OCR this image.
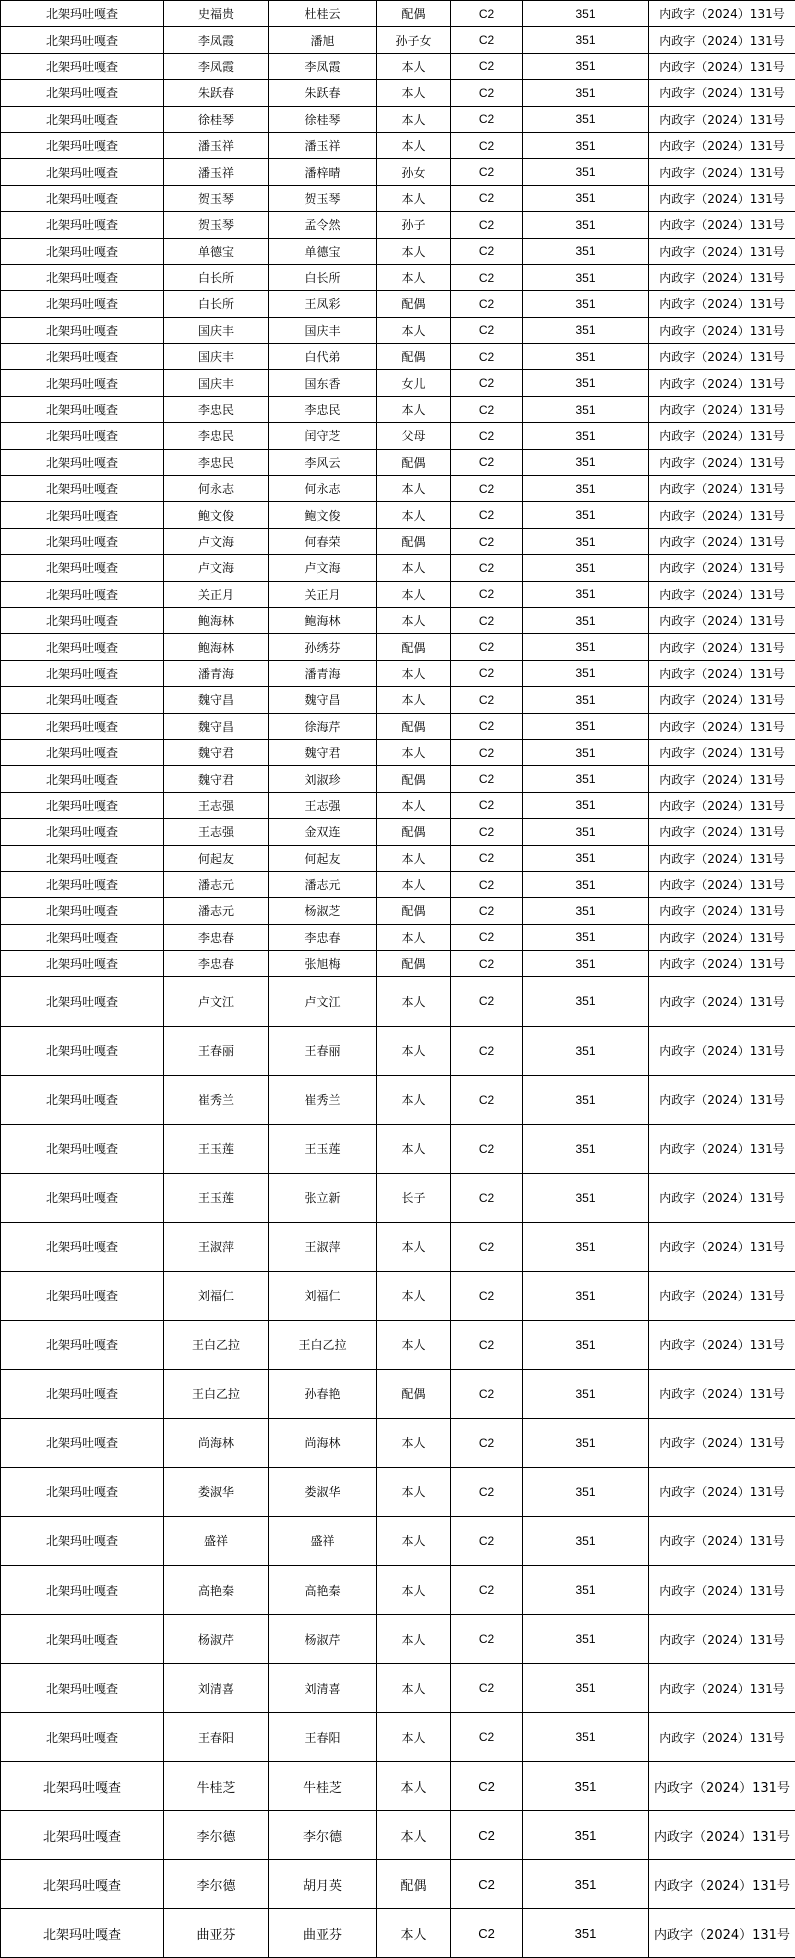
北架玛吐嘎查	史福贵	杜桂云	配偶	C2	351	内政字（2024）131号
北架玛吐嘎查	李凤霞	潘旭	孙子女	C2	351	内政字（2024）131号
北架玛吐嘎查	李凤霞	李凤霞	本人	C2	351	内政字（2024）131号
北架玛吐嘎查	朱跃春	朱跃春	本人	C2	351	内政字（2024）131号
北架玛吐嘎查	徐桂琴	徐桂琴	本人	C2	351	内政字（2024）131号
北架玛吐嘎查	潘玉祥	潘玉祥	本人	C2	351	内政字（2024）131号
北架玛吐嘎查	潘玉祥	潘梓晴	孙女	C2	351	内政字（2024）131号
北架玛吐嘎查	贺玉琴	贺玉琴	本人	C2	351	内政字（2024）131号
北架玛吐嘎查	贺玉琴	孟令然	孙子	C2	351	内政字（2024）131号
北架玛吐嘎查	单德宝	单德宝	本人	C2	351	内政字（2024）131号
北架玛吐嘎查	白长所	白长所	本人	C2	351	内政字（2024）131号
北架玛吐嘎查	白长所	王凤彩	配偶	C2	351	内政字（2024）131号
北架玛吐嘎查	国庆丰	国庆丰	本人	C2	351	内政字（2024）131号
北架玛吐嘎查	国庆丰	白代弟	配偶	C2	351	内政字（2024）131号
北架玛吐嘎查	国庆丰	国东香	女儿	C2	351	内政字（2024）131号
北架玛吐嘎查	李忠民	李忠民	本人	C2	351	内政字（2024）131号
北架玛吐嘎查	李忠民	闰守芝	父母	C2	351	内政字（2024）131号
北架玛吐嘎查	李忠民	李风云	配偶	C2	351	内政字（2024）131号
北架玛吐嘎查	何永志	何永志	本人	C2	351	内政字（2024）131号
北架玛吐嘎查	鲍文俊	鲍文俊	本人	C2	351	内政字（2024）131号
北架玛吐嘎查	卢文海	何春荣	配偶	C2	351	内政字（2024）131号
北架玛吐嘎查	卢文海	卢文海	本人	C2	351	内政字（2024）131号
北架玛吐嘎查	关正月	关正月	本人	C2	351	内政字（2024）131号
北架玛吐嘎查	鲍海林	鲍海林	本人	C2	351	内政字（2024）131号
北架玛吐嘎查	鲍海林	孙绣芬	配偶	C2	351	内政字（2024）131号
北架玛吐嘎查	潘青海	潘青海	本人	C2	351	内政字（2024）131号
北架玛吐嘎查	魏守昌	魏守昌	本人	C2	351	内政字（2024）131号
北架玛吐嘎查	魏守昌	徐海芹	配偶	C2	351	内政字（2024）131号
北架玛吐嘎查	魏守君	魏守君	本人	C2	351	内政字（2024）131号
北架玛吐嘎查	魏守君	刘淑珍	配偶	C2	351	内政字（2024）131号
北架玛吐嘎查	王志强	王志强	本人	C2	351	内政字（2024）131号
北架玛吐嘎查	王志强	金双连	配偶	C2	351	内政字（2024）131号
北架玛吐嘎查	何起友	何起友	本人	C2	351	内政字（2024）131号
北架玛吐嘎查	潘志元	潘志元	本人	C2	351	内政字（2024）131号
北架玛吐嘎查	潘志元	杨淑芝	配偶	C2	351	内政字（2024）131号
北架玛吐嘎查	李忠春	李忠春	本人	C2	351	内政字（2024）131号
北架玛吐嘎查	李忠春	张旭梅	配偶	C2	351	内政字（2024）131号
北架玛吐嘎查	卢文江	卢文江	本人	C2	351	内政字（2024）131号
北架玛吐嘎查	王春丽	王春丽	本人	C2	351	内政字（2024）131号
北架玛吐嘎查	崔秀兰	崔秀兰	本人	C2	351	内政字（2024）131号
北架玛吐嘎查	王玉莲	王玉莲	本人	C2	351	内政字（2024）131号
北架玛吐嘎查	王玉莲	张立新	长子	C2	351	内政字（2024）131号
北架玛吐嘎查	王淑萍	王淑萍	本人	C2	351	内政字（2024）131号
北架玛吐嘎查	刘福仁	刘福仁	本人	C2	351	内政字（2024）131号
北架玛吐嘎查	王白乙拉	王白乙拉	本人	C2	351	内政字（2024）131号
北架玛吐嘎查	王白乙拉	孙春艳	配偶	C2	351	内政字（2024）131号
北架玛吐嘎查	尚海林	尚海林	本人	C2	351	内政字（2024）131号
北架玛吐嘎查	娄淑华	娄淑华	本人	C2	351	内政字（2024）131号
北架玛吐嘎查	盛祥	盛祥	本人	C2	351	内政字（2024）131号
北架玛吐嘎查	高艳秦	高艳秦	本人	C2	351	内政字（2024）131号
北架玛吐嘎查	杨淑芹	杨淑芹	本人	C2	351	内政字（2024）131号
北架玛吐嘎查	刘清喜	刘清喜	本人	C2	351	内政字（2024）131号
北架玛吐嘎查	王春阳	王春阳	本人	C2	351	内政字（2024）131号
北架玛吐嘎查	牛桂芝	牛桂芝	本人	C2	351	内政字（2024）131号
北架玛吐嘎查	李尔德	李尔德	本人	C2	351	内政字（2024）131号
北架玛吐嘎查	李尔德	胡月英	配偶	C2	351	内政字（2024）131号
北架玛吐嘎查	曲亚芬	曲亚芬	本人	C2	351	内政字（2024）131号
